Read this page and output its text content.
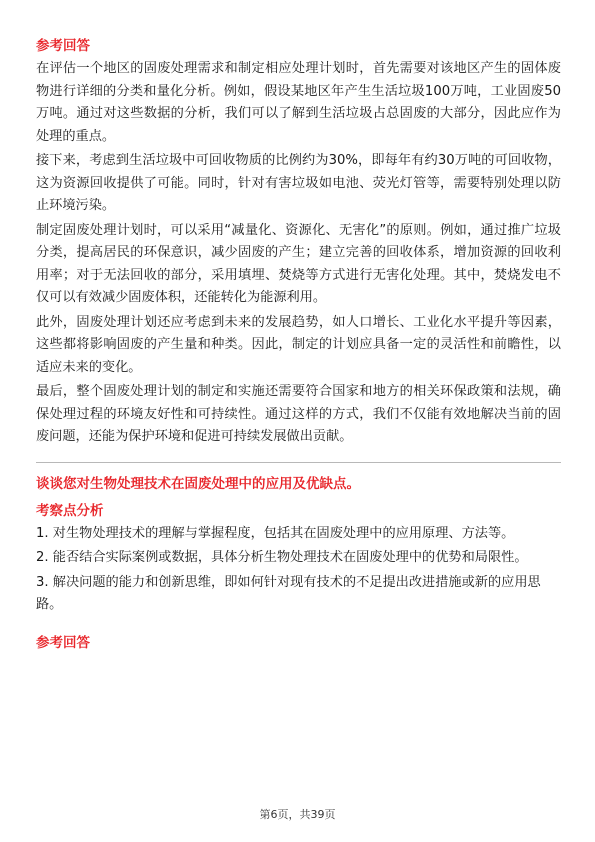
参考回答

在评估一个地区的固废处理需求和制定相应处理计划时，首先需要对该地区产生的固体废物进行详细的分类和量化分析。例如，假设某地区年产生生活垃圾100万吨，工业固废50万吨。通过对这些数据的分析，我们可以了解到生活垃圾占总固废的大部分，因此应作为处理的重点。

接下来，考虑到生活垃圾中可回收物质的比例约为30%，即每年有约30万吨的可回收物，这为资源回收提供了可能。同时，针对有害垃圾如电池、荧光灯管等，需要特别处理以防止环境污染。

制定固废处理计划时，可以采用“减量化、资源化、无害化”的原则。例如，通过推广垃圾分类，提高居民的环保意识，减少固废的产生；建立完善的回收体系，增加资源的回收利用率；对于无法回收的部分，采用填埋、焚烧等方式进行无害化处理。其中，焚烧发电不仅可以有效减少固废体积，还能转化为能源利用。

此外，固废处理计划还应考虑到未来的发展趋势，如人口增长、工业化水平提升等因素，这些都将影响固废的产生量和种类。因此，制定的计划应具备一定的灵活性和前瞻性，以适应未来的变化。

最后，整个固废处理计划的制定和实施还需要符合国家和地方的相关环保政策和法规，确保处理过程的环境友好性和可持续性。通过这样的方式，我们不仅能有效地解决当前的固废问题，还能为保护环境和促进可持续发展做出贡献。

谈谈您对生物处理技术在固废处理中的应用及优缺点。
考察点分析

1. 对生物处理技术的理解与掌握程度，包括其在固废处理中的应用原理、方法等。

2. 能否结合实际案例或数据，具体分析生物处理技术在固废处理中的优势和局限性。

3. 解决问题的能力和创新思维，即如何针对现有技术的不足提出改进措施或新的应用思路。

参考回答
第6页，共39页
